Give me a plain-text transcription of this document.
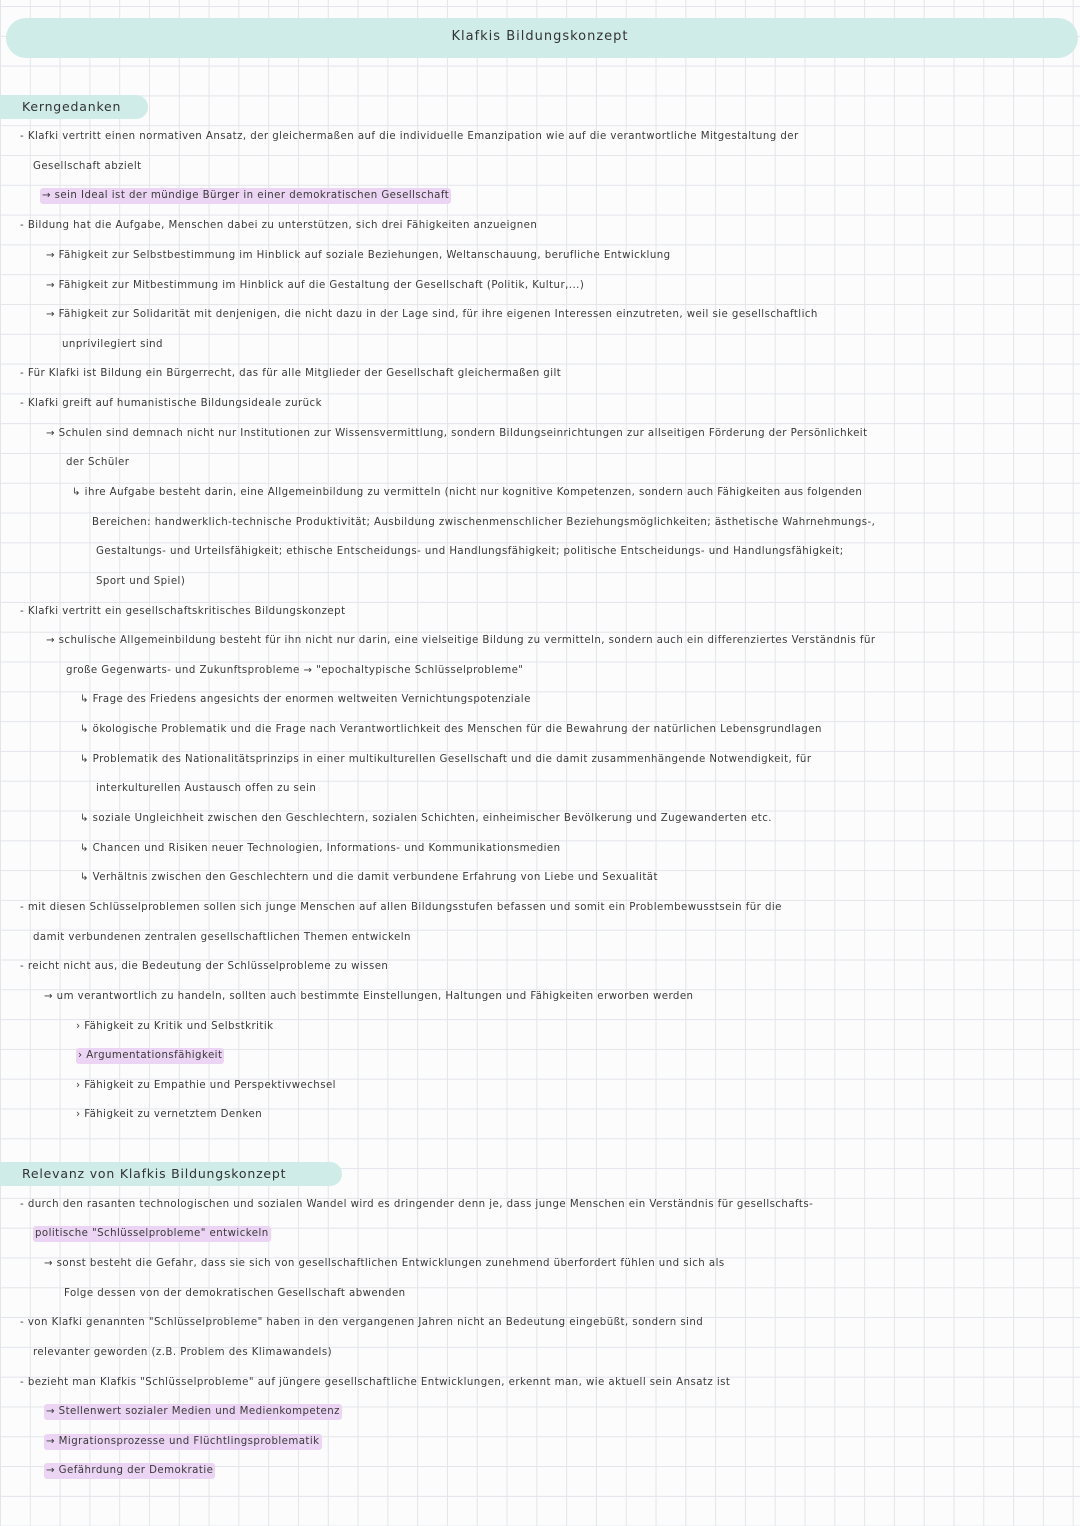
Klafkis Bildungskonzept
Kerngedanken
Relevanz von Klafkis Bildungskonzept
- Klafki vertritt einen normativen Ansatz, der gleichermaßen auf die individuelle Emanzipation wie auf die verantwortliche Mitgestaltung der
Gesellschaft abzielt
→ sein Ideal ist der mündige Bürger in einer demokratischen Gesellschaft
- Bildung hat die Aufgabe, Menschen dabei zu unterstützen, sich drei Fähigkeiten anzueignen
→ Fähigkeit zur Selbstbestimmung im Hinblick auf soziale Beziehungen, Weltanschauung, berufliche Entwicklung
→ Fähigkeit zur Mitbestimmung im Hinblick auf die Gestaltung der Gesellschaft (Politik, Kultur,...)
→ Fähigkeit zur Solidarität mit denjenigen, die nicht dazu in der Lage sind, für ihre eigenen Interessen einzutreten, weil sie gesellschaftlich
unprivilegiert sind
- Für Klafki ist Bildung ein Bürgerrecht, das für alle Mitglieder der Gesellschaft gleichermaßen gilt
- Klafki greift auf humanistische Bildungsideale zurück
→ Schulen sind demnach nicht nur Institutionen zur Wissensvermittlung, sondern Bildungseinrichtungen zur allseitigen Förderung der Persönlichkeit
der Schüler
↳ ihre Aufgabe besteht darin, eine Allgemeinbildung zu vermitteln (nicht nur kognitive Kompetenzen, sondern auch Fähigkeiten aus folgenden
Bereichen: handwerklich-technische Produktivität; Ausbildung zwischenmenschlicher Beziehungsmöglichkeiten; ästhetische Wahrnehmungs-,
Gestaltungs- und Urteilsfähigkeit; ethische Entscheidungs- und Handlungsfähigkeit; politische Entscheidungs- und Handlungsfähigkeit;
Sport und Spiel)
- Klafki vertritt ein gesellschaftskritisches Bildungskonzept
→ schulische Allgemeinbildung besteht für ihn nicht nur darin, eine vielseitige Bildung zu vermitteln, sondern auch ein differenziertes Verständnis für
große Gegenwarts- und Zukunftsprobleme → "epochaltypische Schlüsselprobleme"
↳ Frage des Friedens angesichts der enormen weltweiten Vernichtungspotenziale
↳ ökologische Problematik und die Frage nach Verantwortlichkeit des Menschen für die Bewahrung der natürlichen Lebensgrundlagen
↳ Problematik des Nationalitätsprinzips in einer multikulturellen Gesellschaft und die damit zusammenhängende Notwendigkeit, für
interkulturellen Austausch offen zu sein
↳ soziale Ungleichheit zwischen den Geschlechtern, sozialen Schichten, einheimischer Bevölkerung und Zugewanderten etc.
↳ Chancen und Risiken neuer Technologien, Informations- und Kommunikationsmedien
↳ Verhältnis zwischen den Geschlechtern und die damit verbundene Erfahrung von Liebe und Sexualität
- mit diesen Schlüsselproblemen sollen sich junge Menschen auf allen Bildungsstufen befassen und somit ein Problembewusstsein für die
damit verbundenen zentralen gesellschaftlichen Themen entwickeln
- reicht nicht aus, die Bedeutung der Schlüsselprobleme zu wissen
→ um verantwortlich zu handeln, sollten auch bestimmte Einstellungen, Haltungen und Fähigkeiten erworben werden
› Fähigkeit zu Kritik und Selbstkritik
› Argumentationsfähigkeit
› Fähigkeit zu Empathie und Perspektivwechsel
› Fähigkeit zu vernetztem Denken
- durch den rasanten technologischen und sozialen Wandel wird es dringender denn je, dass junge Menschen ein Verständnis für gesellschafts-
politische "Schlüsselprobleme" entwickeln
→ sonst besteht die Gefahr, dass sie sich von gesellschaftlichen Entwicklungen zunehmend überfordert fühlen und sich als
Folge dessen von der demokratischen Gesellschaft abwenden
- von Klafki genannten "Schlüsselprobleme" haben in den vergangenen Jahren nicht an Bedeutung eingebüßt, sondern sind
relevanter geworden (z.B. Problem des Klimawandels)
- bezieht man Klafkis "Schlüsselprobleme" auf jüngere gesellschaftliche Entwicklungen, erkennt man, wie aktuell sein Ansatz ist
→ Stellenwert sozialer Medien und Medienkompetenz
→ Migrationsprozesse und Flüchtlingsproblematik
→ Gefährdung der Demokratie
